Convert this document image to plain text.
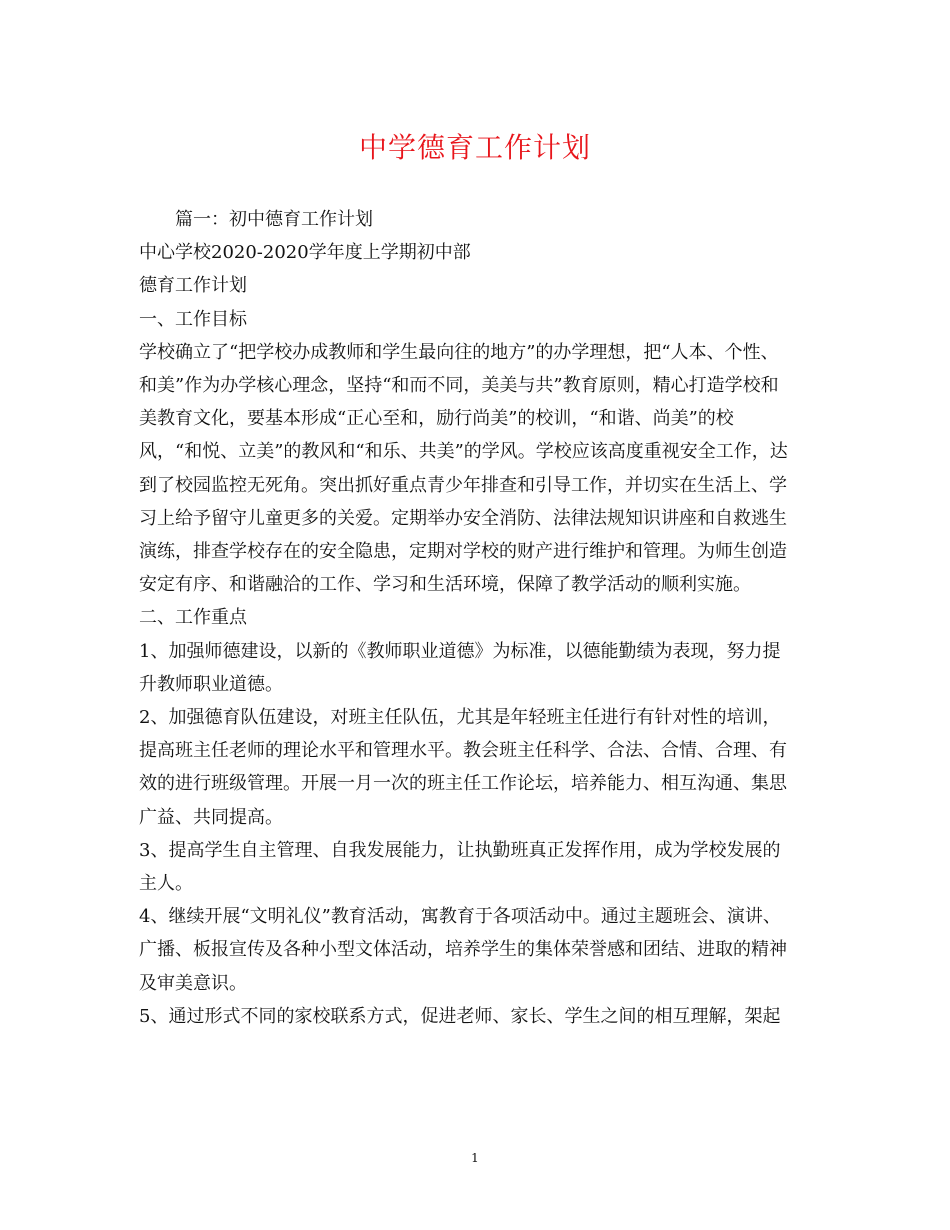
中学德育工作计划

篇一：初中德育工作计划

中心学校2020-2020学年度上学期初中部

德育工作计划

一、工作目标

学校确立了“把学校办成教师和学生最向往的地方”的办学理想，把“人本、个性、

和美”作为办学核心理念，坚持“和而不同，美美与共”教育原则，精心打造学校和

美教育文化，要基本形成“正心至和，励行尚美”的校训，“和谐、尚美”的校

风，“和悦、立美”的教风和“和乐、共美”的学风。学校应该高度重视安全工作，达

到了校园监控无死角。突出抓好重点青少年排查和引导工作，并切实在生活上、学

习上给予留守儿童更多的关爱。定期举办安全消防、法律法规知识讲座和自救逃生

演练，排查学校存在的安全隐患，定期对学校的财产进行维护和管理。为师生创造

安定有序、和谐融洽的工作、学习和生活环境，保障了教学活动的顺利实施。

二、工作重点

1、加强师德建设，以新的《教师职业道德》为标准，以德能勤绩为表现，努力提

升教师职业道德。

2、加强德育队伍建设，对班主任队伍，尤其是年轻班主任进行有针对性的培训，

提高班主任老师的理论水平和管理水平。教会班主任科学、合法、合情、合理、有

效的进行班级管理。开展一月一次的班主任工作论坛，培养能力、相互沟通、集思

广益、共同提高。

3、提高学生自主管理、自我发展能力，让执勤班真正发挥作用，成为学校发展的

主人。

4、继续开展“文明礼仪”教育活动，寓教育于各项活动中。通过主题班会、演讲、

广播、板报宣传及各种小型文体活动，培养学生的集体荣誉感和团结、进取的精神

及审美意识。

5、通过形式不同的家校联系方式，促进老师、家长、学生之间的相互理解，架起

1
